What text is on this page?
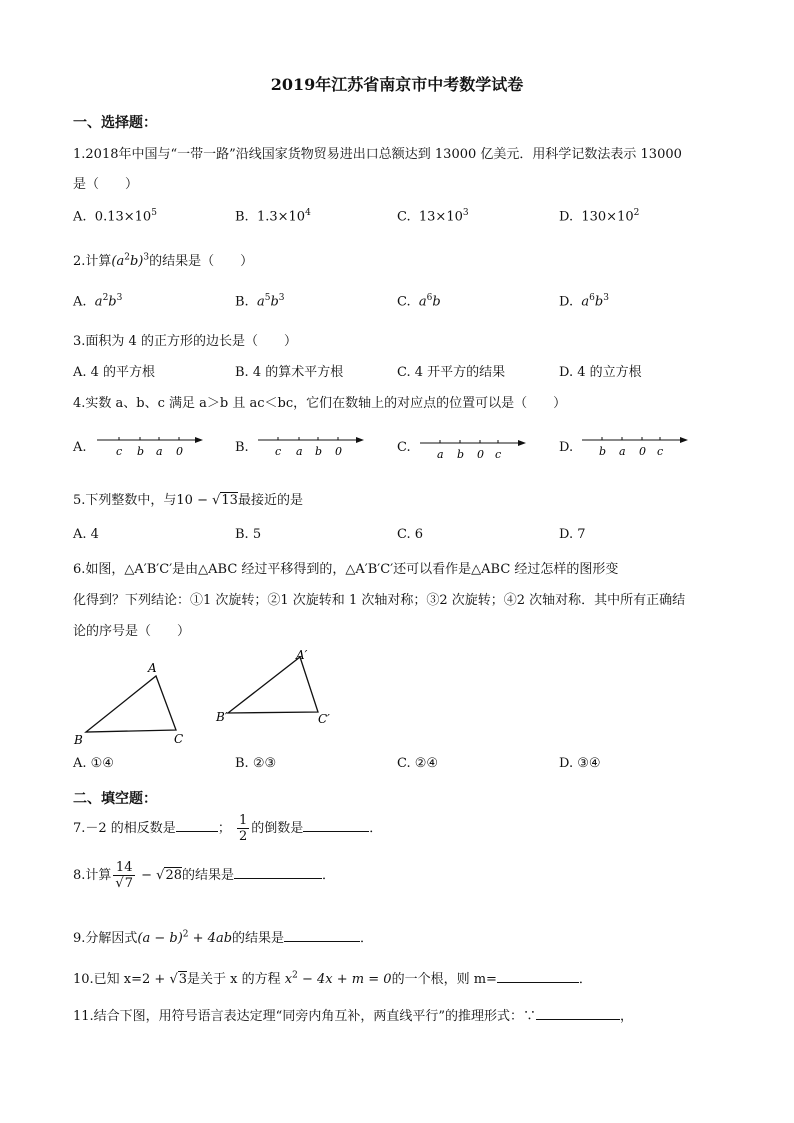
2019年江苏省南京市中考数学试卷
一、选择题：
1.2018年中国与“一带一路”沿线国家货物贸易进出口总额达到 13000 亿美元．用科学记数法表示 13000
是（　　）
A. $0.13\times 10^5$	B. $1.3\times 10^4$	C. $13\times 10^3$	D. $130\times 10^2$
2.计算$(a^2b)^3$的结果是（　　）
A. $a^2b^3$	B. $a^5b^3$	C. $a^6b$	D. $a^6b^3$
3.面积为 4 的正方形的边长是（　　）
A. 4 的平方根	B. 4 的算术平方根	C. 4 开平方的结果	D. 4 的立方根
4.实数 a、b、c 满足 a＞b 且 ac＜bc，它们在数轴上的对应点的位置可以是（　　）
A.	c b a 0	B. c a b 0	C. a b 0 c	D. b a 0 c
5.下列整数中，与10 − √13最接近的是
A. 4	B. 5	C. 6	D. 7
6.如图，△A′B′C′是由△ABC 经过平移得到的，△A′B′C′还可以看作是△ABC 经过怎样的图形变
化得到？下列结论：①1 次旋转；②1 次旋转和 1 次轴对称；③2 次旋转；④2 次轴对称．其中所有正确结
论的序号是（　　）
A
B	C
A′
B′	C′
A. ①④	B. ②③	C. ②④	D. ③④
二、填空题：
7.－2 的相反数是	； $\frac{1}{2}$ 的倒数是	．
8.计算 $\frac{14}{√7} - √28$的结果是	．
9.分解因式$(a - b)^2 + 4ab$的结果是	．
10.已知 x=2 + √3是关于 x 的方程 $x^2 - 4x + m = 0$的一个根，则 m=	．
11.结合下图，用符号语言表达定理“同旁内角互补，两直线平行”的推理形式：∵	，
